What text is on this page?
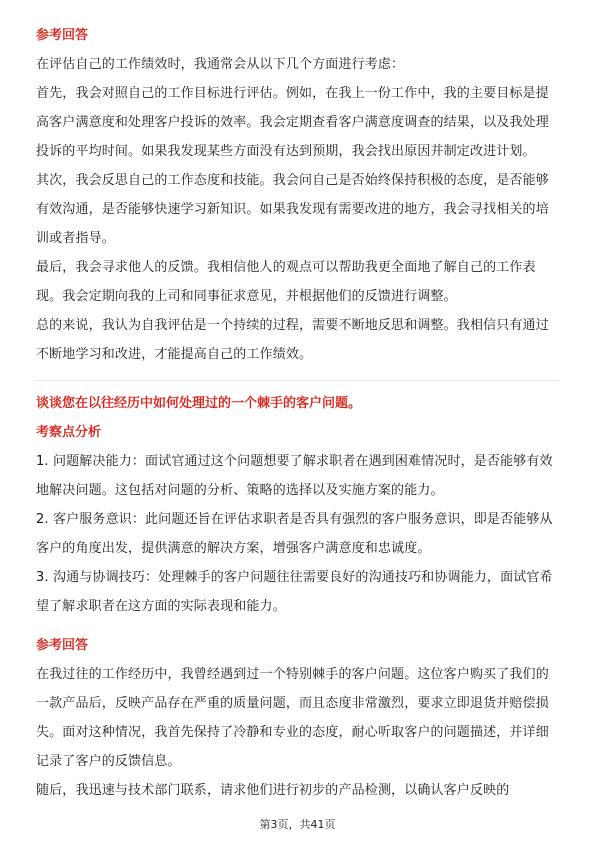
参考回答
在评估自己的工作绩效时，我通常会从以下几个方面进行考虑：
首先，我会对照自己的工作目标进行评估。例如，在我上一份工作中，我的主要目标是提高客户满意度和处理客户投诉的效率。我会定期查看客户满意度调查的结果，以及我处理投诉的平均时间。如果我发现某些方面没有达到预期，我会找出原因并制定改进计划。
其次，我会反思自己的工作态度和技能。我会问自己是否始终保持积极的态度，是否能够有效沟通，是否能够快速学习新知识。如果我发现有需要改进的地方，我会寻找相关的培训或者指导。
最后，我会寻求他人的反馈。我相信他人的观点可以帮助我更全面地了解自己的工作表现。我会定期向我的上司和同事征求意见，并根据他们的反馈进行调整。
总的来说，我认为自我评估是一个持续的过程，需要不断地反思和调整。我相信只有通过不断地学习和改进，才能提高自己的工作绩效。
谈谈您在以往经历中如何处理过的一个棘手的客户问题。
考察点分析
1. 问题解决能力：面试官通过这个问题想要了解求职者在遇到困难情况时，是否能够有效地解决问题。这包括对问题的分析、策略的选择以及实施方案的能力。
2. 客户服务意识：此问题还旨在评估求职者是否具有强烈的客户服务意识，即是否能够从客户的角度出发，提供满意的解决方案，增强客户满意度和忠诚度。
3. 沟通与协调技巧：处理棘手的客户问题往往需要良好的沟通技巧和协调能力，面试官希望了解求职者在这方面的实际表现和能力。
参考回答
在我过往的工作经历中，我曾经遇到过一个特别棘手的客户问题。这位客户购买了我们的一款产品后，反映产品存在严重的质量问题，而且态度非常激烈，要求立即退货并赔偿损失。面对这种情况，我首先保持了冷静和专业的态度，耐心听取客户的问题描述，并详细记录了客户的反馈信息。
随后，我迅速与技术部门联系，请求他们进行初步的产品检测，以确认客户反映的
第3页，共41页
